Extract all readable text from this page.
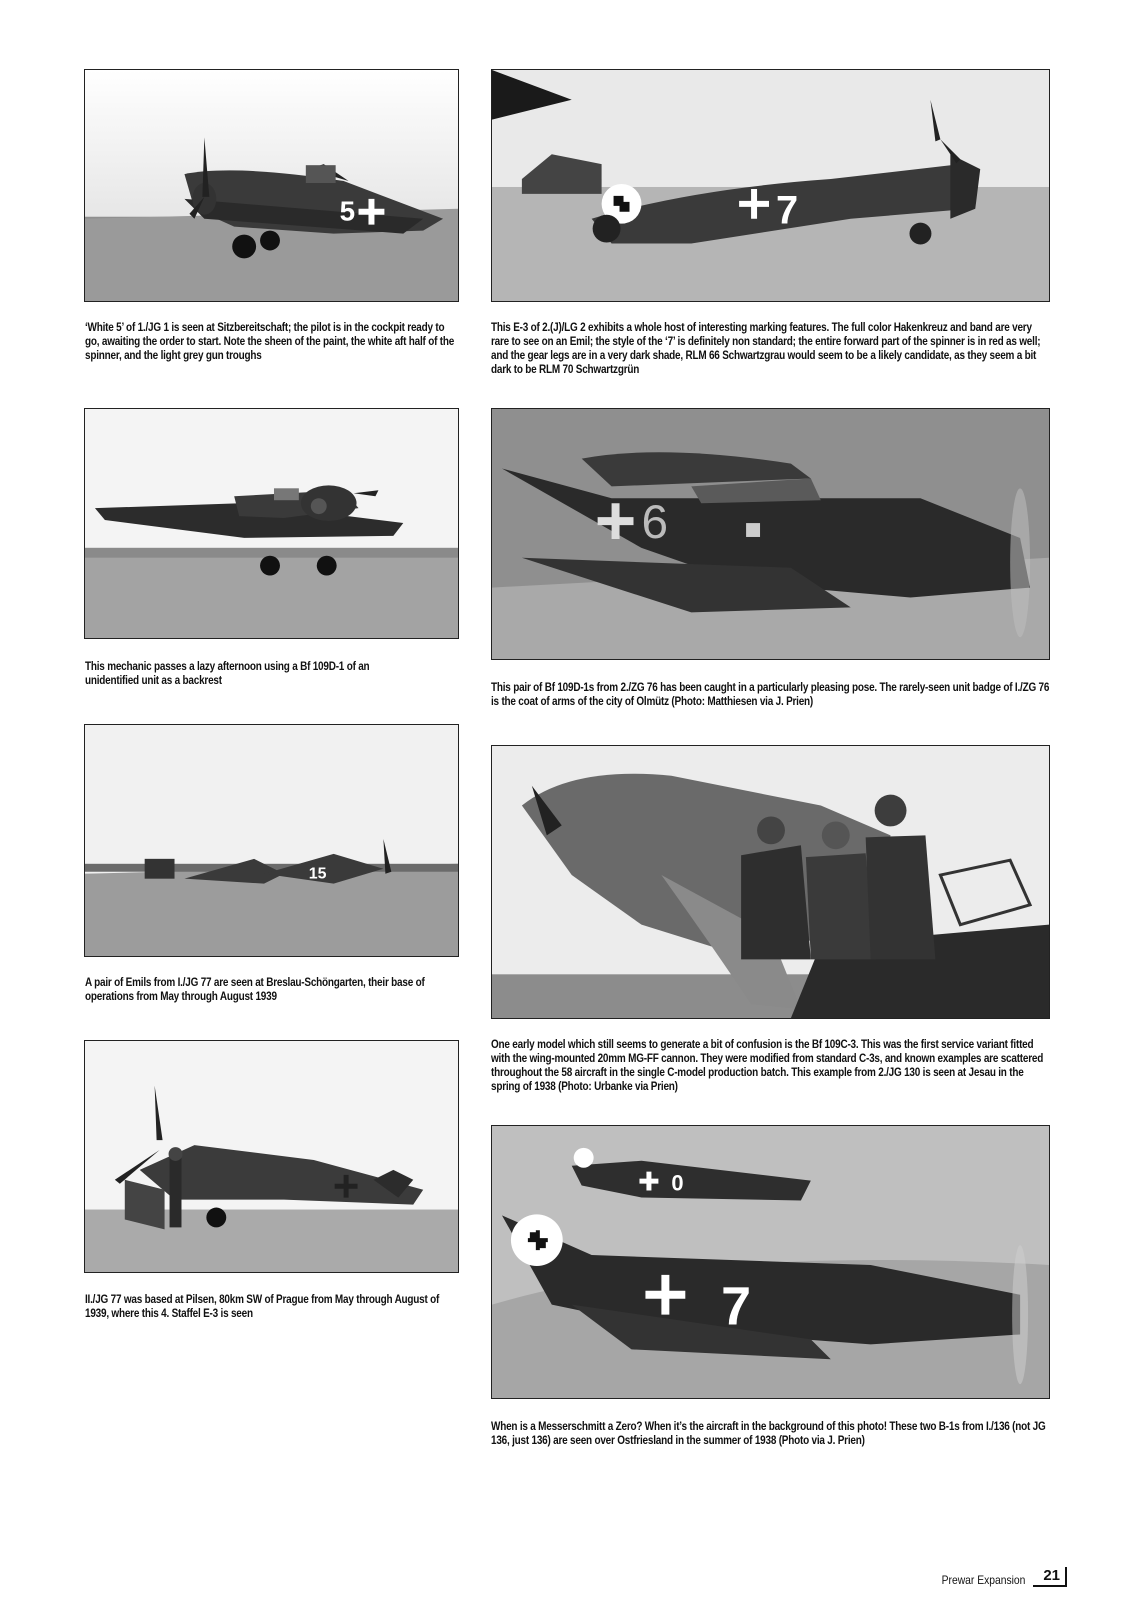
5
‘White 5’ of 1./JG 1 is seen at Sitzbereitschaft; the pilot is in the cockpit ready to go, awaiting the order to start. Note the sheen of the paint, the white aft half of the spinner, and the light grey gun troughs
7
This E-3 of 2.(J)/LG 2 exhibits a whole host of interesting marking features. The full color Hakenkreuz and band are very rare to see on an Emil; the style of the ‘7’ is definitely non standard; the entire forward part of the spinner is in red as well; and the gear legs are in a very dark shade, RLM 66 Schwartzgrau would seem to be a likely candidate, as they seem a bit dark to be RLM 70 Schwartzgrün
This mechanic passes a lazy afternoon using a Bf 109D-1 of an unidentified unit as a backrest
6
This pair of Bf 109D-1s from 2./ZG 76 has been caught in a particularly pleasing pose. The rarely-seen unit badge of I./ZG 76 is the coat of arms of the city of Olmütz (Photo: Matthiesen via J. Prien)
15
A pair of Emils from I./JG 77 are seen at Breslau-Schöngarten, their base of operations from May through August 1939
One early model which still seems to generate a bit of confusion is the Bf 109C-3. This was the first service variant fitted with the wing-mounted 20mm MG-FF cannon. They were modified from standard C-3s, and known examples are scattered throughout the 58 aircraft in the single C-model production batch. This example from 2./JG 130 is seen at Jesau in the spring of 1938 (Photo: Urbanke via Prien)
II./JG 77 was based at Pilsen, 80km SW of Prague from May through August of 1939, where this 4. Staffel E-3 is seen
0
7
When is a Messerschmitt a Zero? When it’s the aircraft in the background of this photo! These two B-1s from I./136 (not JG 136, just 136) are seen over Ostfriesland in the summer of 1938 (Photo via J. Prien)
Prewar Expansion	21
